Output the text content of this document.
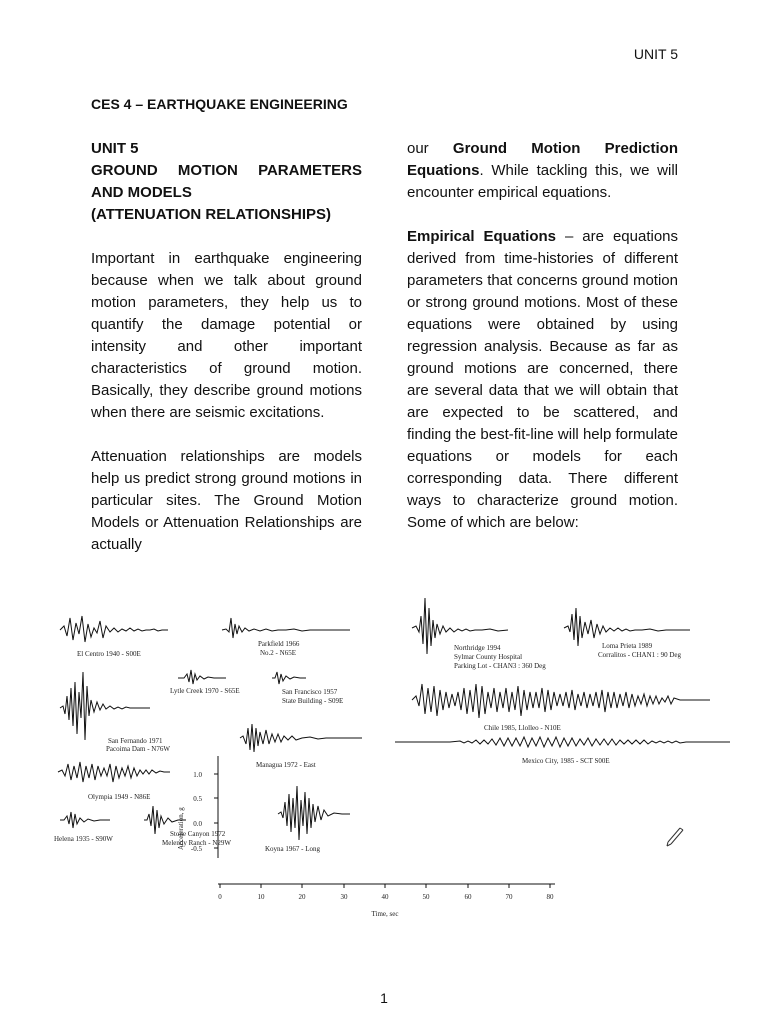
UNIT 5
CES 4 – EARTHQUAKE ENGINEERING
UNIT 5
GROUND MOTION PARAMETERS
AND MODELS
(ATTENUATION RELATIONSHIPS)

Important in earthquake engineering because when we talk about ground motion parameters, they help us to quantify the damage potential or intensity and other important characteristics of ground motion. Basically, they describe ground motions when there are seismic excitations.

Attenuation relationships are models help us predict strong ground motions in particular sites. The Ground Motion Models or Attenuation Relationships are actually

our Ground Motion Prediction Equations. While tackling this, we will encounter empirical equations.

Empirical Equations – are equations derived from time-histories of different parameters that concerns ground motion or strong ground motions. Most of these equations were obtained by using regression analysis. Because as far as ground motions are concerned, there are several data that we will obtain that are expected to be scattered, and finding the best-fit-line will help formulate equations or models for each corresponding data. There different ways to characterize ground motion. Some of which are below:

El Centro 1940 - S00E
Parkfield 1966
No.2 - N65E
Northridge 1994
Sylmar County Hospital
Parking Lot - CHAN3 : 360 Deg
Loma Prieta 1989
Corralitos - CHAN1 : 90 Deg
Lytle Creek 1970 - S65E	San Francisco 1957
State Building - S09E
Chile 1985, Llolleo - N10E
San Fernando 1971
Pacoima Dam - N76W
Managua 1972 - East	Mexico City, 1985 - SCT S00E
Olympia 1949 - N86E
Helena 1935 - S90W
Stone Canyon 1972
Melendy Ranch - N29W
Koyna 1967 - Long
1.0
0.5
0.0
-0.5
Acceleration, g
0	10	20	30	40	50	60	70	80
Time, sec
1
